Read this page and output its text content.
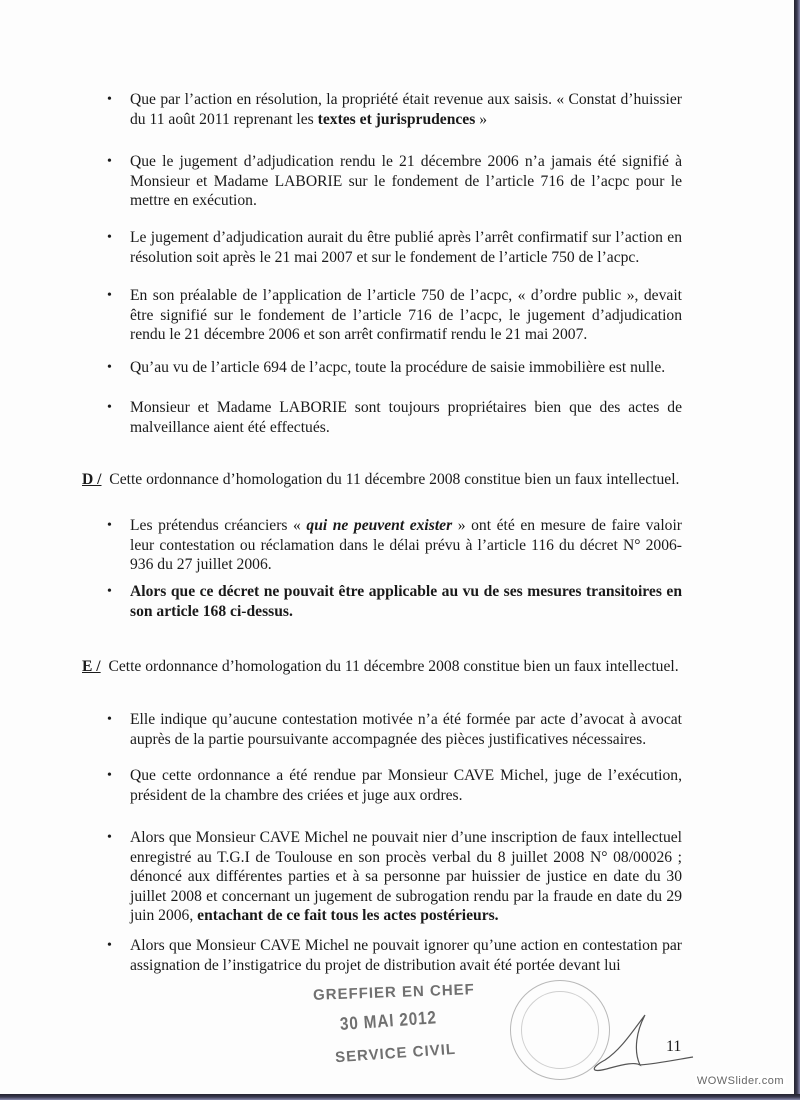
• Que par l’action en résolution, la propriété était revenue aux saisis. « Constat d’huissier du 11 août 2011 reprenant les textes et jurisprudences »
• Que le jugement d’adjudication rendu le 21 décembre 2006 n’a jamais été signifié à Monsieur et Madame LABORIE sur le fondement de l’article 716 de l’acpc pour le mettre en exécution.
• Le jugement d’adjudication aurait du être publié après l’arrêt confirmatif sur l’action en résolution soit après le 21 mai 2007 et sur le fondement de l’article 750 de l’acpc.
• En son préalable de l’application de l’article 750 de l’acpc, « d’ordre public », devait être signifié sur le fondement de l’article 716 de l’acpc, le jugement d’adjudication rendu le 21 décembre 2006 et son arrêt confirmatif rendu le 21 mai 2007.
• Qu’au vu de l’article 694 de l’acpc, toute la procédure de saisie immobilière est nulle.
• Monsieur et Madame LABORIE sont toujours propriétaires bien que des actes de malveillance aient été effectués.
D / Cette ordonnance d’homologation du 11 décembre 2008 constitue bien un faux intellectuel.
• Les prétendus créanciers « qui ne peuvent exister » ont été en mesure de faire valoir leur contestation ou réclamation dans le délai prévu à l’article 116 du décret N° 2006-936 du 27 juillet 2006.
• Alors que ce décret ne pouvait être applicable au vu de ses mesures transitoires en son article 168 ci-dessus.
E / Cette ordonnance d’homologation du 11 décembre 2008 constitue bien un faux intellectuel.
• Elle indique qu’aucune contestation motivée n’a été formée par acte d’avocat à avocat auprès de la partie poursuivante accompagnée des pièces justificatives nécessaires.
• Que cette ordonnance a été rendue par Monsieur CAVE Michel, juge de l’exécution, président de la chambre des criées et juge aux ordres.
• Alors que Monsieur CAVE Michel ne pouvait nier d’une inscription de faux intellectuel enregistré au T.G.I de Toulouse en son procès verbal du 8 juillet 2008 N° 08/00026 ; dénoncé aux différentes parties et à sa personne par huissier de justice en date du 30 juillet 2008 et concernant un jugement de subrogation rendu par la fraude en date du 29 juin 2006, entachant de ce fait tous les actes postérieurs.
• Alors que Monsieur CAVE Michel ne pouvait ignorer qu’une action en contestation par assignation de l’instigatrice du projet de distribution avait été portée devant lui
GREFFIER EN CHEF
30 MAI 2012
SERVICE CIVIL	11
WOWSlider.com
